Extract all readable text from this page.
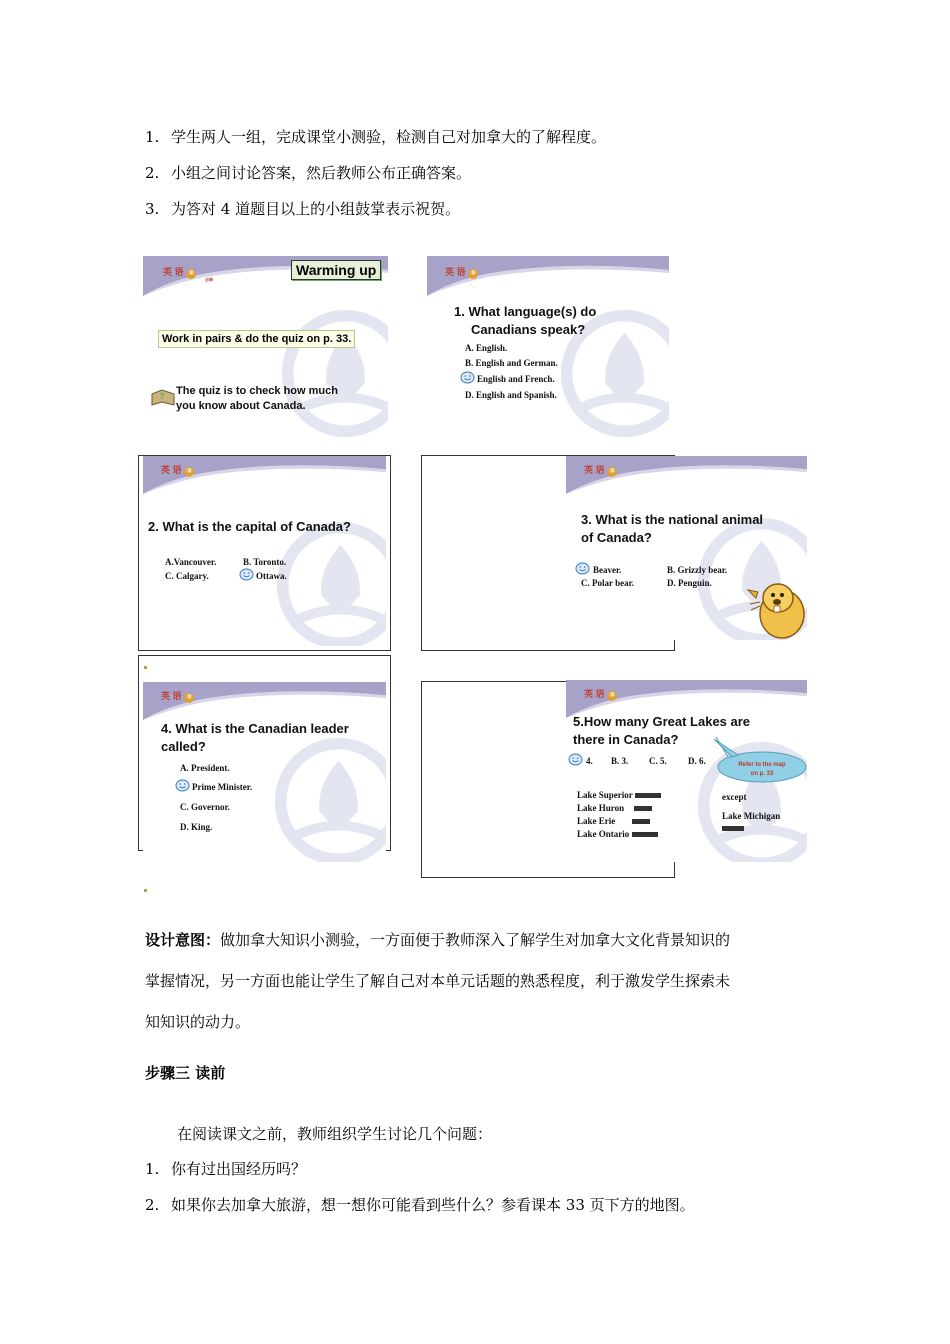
1. 学生两人一组，完成课堂小测验，检测自己对加拿大的了解程度。
2. 小组之间讨论答案，然后教师公布正确答案。
3. 为答对 4 道题目以上的小组鼓掌表示祝贺。
英 语 ③
必修
Warming up
Work in pairs & do the quiz on p. 33.
? The quiz is to check how much
you know about Canada.

英 语 ③
1. What language(s) do
Canadians speak?
A. English.
B. English and German.
English and French.
D. English and Spanish.
英 语 ③
2. What is the capital of Canada?
A.Vancouver.	B. Toronto.
C. Calgary.	Ottawa.
英 语 ③
3. What is the national animal
of Canada?
Beaver.	B. Grizzly bear.
C. Polar bear.	D. Penguin.
英 语 ③
4. What is the Canadian leader
called?
A. President.
Prime Minister.
C. Governor.
D. King.
英 语 ③
5.How many Great Lakes are
there in Canada?
4. B. 3. C. 5. D. 6.	Refer to the map
on p. 33
Lake Superior
Lake Huron
Lake Erie
Lake Ontario
except
Lake Michigan
设计意图：做加拿大知识小测验，一方面便于教师深入了解学生对加拿大文化背景知识的
掌握情况，另一方面也能让学生了解自己对本单元话题的熟悉程度，利于激发学生探索未
知知识的动力。
步骤三 读前
在阅读课文之前，教师组织学生讨论几个问题：
1. 你有过出国经历吗？
2. 如果你去加拿大旅游，想一想你可能看到些什么？参看课本 33 页下方的地图。
